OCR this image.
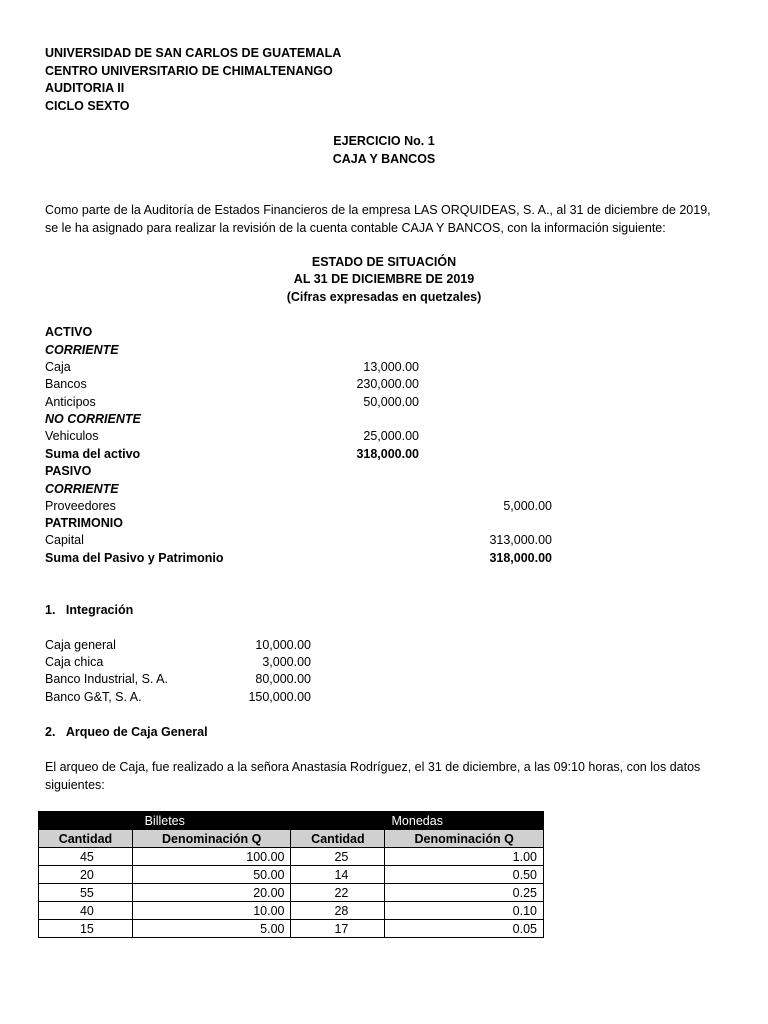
UNIVERSIDAD DE SAN CARLOS DE GUATEMALA
CENTRO UNIVERSITARIO DE CHIMALTENANGO
AUDITORIA II
CICLO SEXTO
EJERCICIO No. 1
CAJA Y BANCOS
Como parte de la Auditoría de Estados Financieros de la empresa LAS ORQUIDEAS, S. A., al 31 de diciembre de 2019, se le ha asignado para realizar la revisión de la cuenta contable CAJA Y BANCOS, con la información siguiente:
ESTADO DE SITUACIÓN
AL 31 DE DICIEMBRE DE 2019
(Cifras expresadas en quetzales)
ACTIVO
CORRIENTE
Caja	13,000.00
Bancos	230,000.00
Anticipos	50,000.00
NO CORRIENTE
Vehiculos	25,000.00
Suma del activo	318,000.00
PASIVO
CORRIENTE
Proveedores	5,000.00
PATRIMONIO
Capital	313,000.00
Suma del Pasivo y Patrimonio	318,000.00
1.   Integración
Caja general	10,000.00
Caja chica	3,000.00
Banco Industrial, S. A.	80,000.00
Banco G&T, S. A.	150,000.00
2.   Arqueo de Caja General
El arqueo de Caja, fue realizado a la señora Anastasia Rodríguez, el 31 de diciembre, a las 09:10 horas, con los datos siguientes:
Billetes		Monedas	
Cantidad	Denominación Q	Cantidad	Denominación Q
45	100.00	25	1.00
20	50.00	14	0.50
55	20.00	22	0.25
40	10.00	28	0.10
15	5.00	17	0.05
